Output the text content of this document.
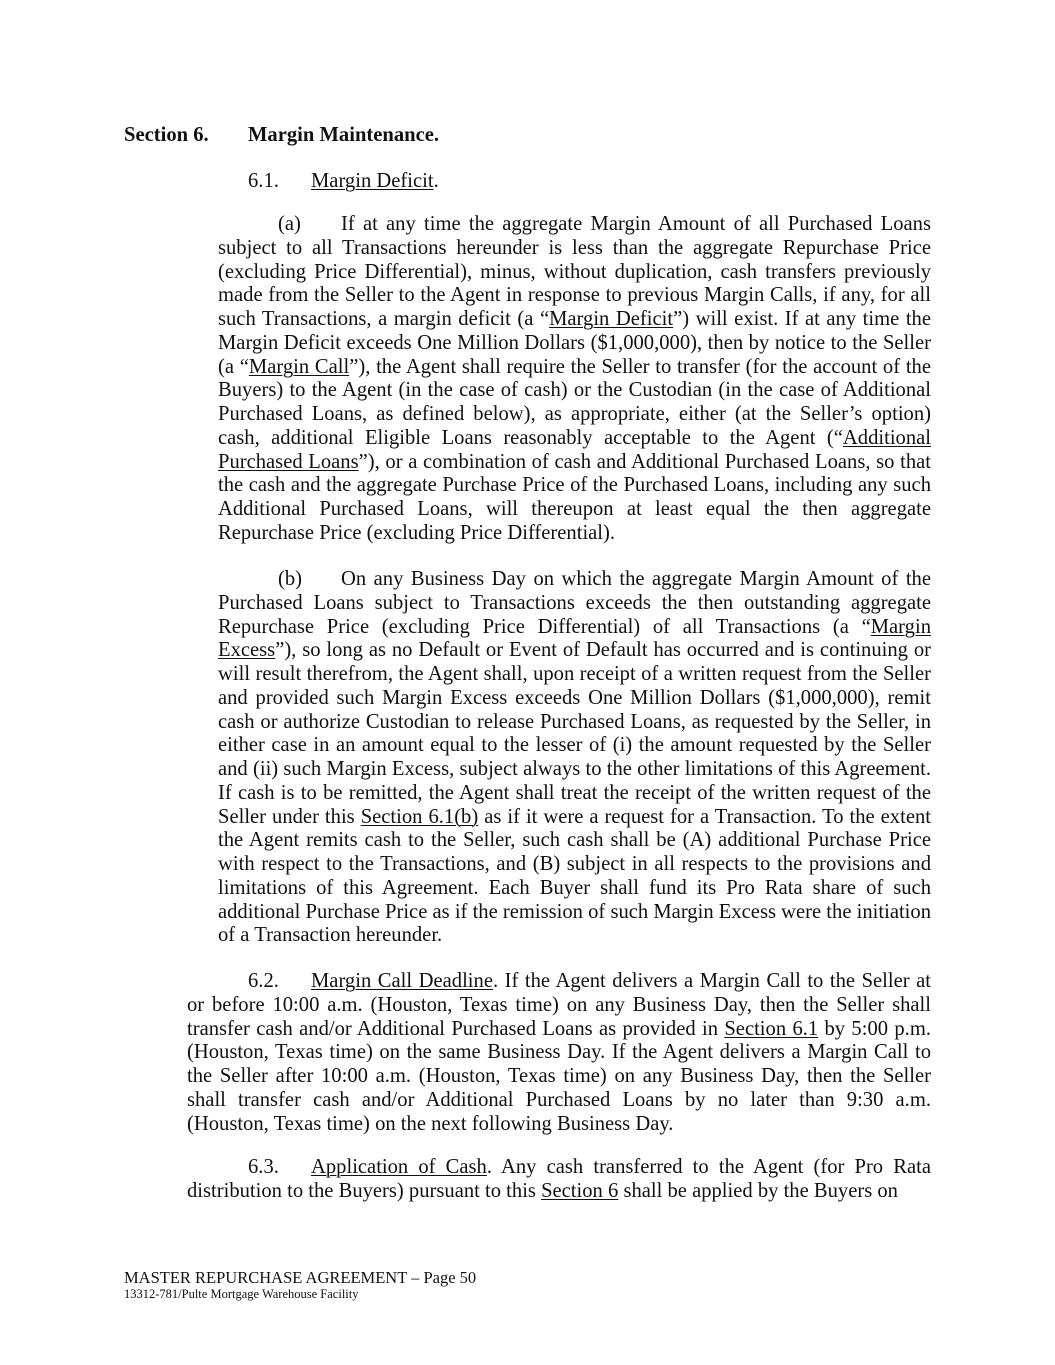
Section 6. Margin Maintenance.
6.1. Margin Deficit.
(a) If at any time the aggregate Margin Amount of all Purchased Loans subject to all Transactions hereunder is less than the aggregate Repurchase Price (excluding Price Differential), minus, without duplication, cash transfers previously made from the Seller to the Agent in response to previous Margin Calls, if any, for all such Transactions, a margin deficit (a “Margin Deficit”) will exist. If at any time the Margin Deficit exceeds One Million Dollars ($1,000,000), then by notice to the Seller (a “Margin Call”), the Agent shall require the Seller to transfer (for the account of the Buyers) to the Agent (in the case of cash) or the Custodian (in the case of Additional Purchased Loans, as defined below), as appropriate, either (at the Seller’s option) cash, additional Eligible Loans reasonably acceptable to the Agent (“Additional Purchased Loans”), or a combination of cash and Additional Purchased Loans, so that the cash and the aggregate Purchase Price of the Purchased Loans, including any such Additional Purchased Loans, will thereupon at least equal the then aggregate Repurchase Price (excluding Price Differential).
(b) On any Business Day on which the aggregate Margin Amount of the Purchased Loans subject to Transactions exceeds the then outstanding aggregate Repurchase Price (excluding Price Differential) of all Transactions (a “Margin Excess”), so long as no Default or Event of Default has occurred and is continuing or will result therefrom, the Agent shall, upon receipt of a written request from the Seller and provided such Margin Excess exceeds One Million Dollars ($1,000,000), remit cash or authorize Custodian to release Purchased Loans, as requested by the Seller, in either case in an amount equal to the lesser of (i) the amount requested by the Seller and (ii) such Margin Excess, subject always to the other limitations of this Agreement. If cash is to be remitted, the Agent shall treat the receipt of the written request of the Seller under this Section 6.1(b) as if it were a request for a Transaction. To the extent the Agent remits cash to the Seller, such cash shall be (A) additional Purchase Price with respect to the Transactions, and (B) subject in all respects to the provisions and limitations of this Agreement. Each Buyer shall fund its Pro Rata share of such additional Purchase Price as if the remission of such Margin Excess were the initiation of a Transaction hereunder.
6.2. Margin Call Deadline. If the Agent delivers a Margin Call to the Seller at or before 10:00 a.m. (Houston, Texas time) on any Business Day, then the Seller shall transfer cash and/or Additional Purchased Loans as provided in Section 6.1 by 5:00 p.m. (Houston, Texas time) on the same Business Day. If the Agent delivers a Margin Call to the Seller after 10:00 a.m. (Houston, Texas time) on any Business Day, then the Seller shall transfer cash and/or Additional Purchased Loans by no later than 9:30 a.m. (Houston, Texas time) on the next following Business Day.
6.3. Application of Cash. Any cash transferred to the Agent (for Pro Rata distribution to the Buyers) pursuant to this Section 6 shall be applied by the Buyers on
MASTER REPURCHASE AGREEMENT – Page 50
13312-781/Pulte Mortgage Warehouse Facility
